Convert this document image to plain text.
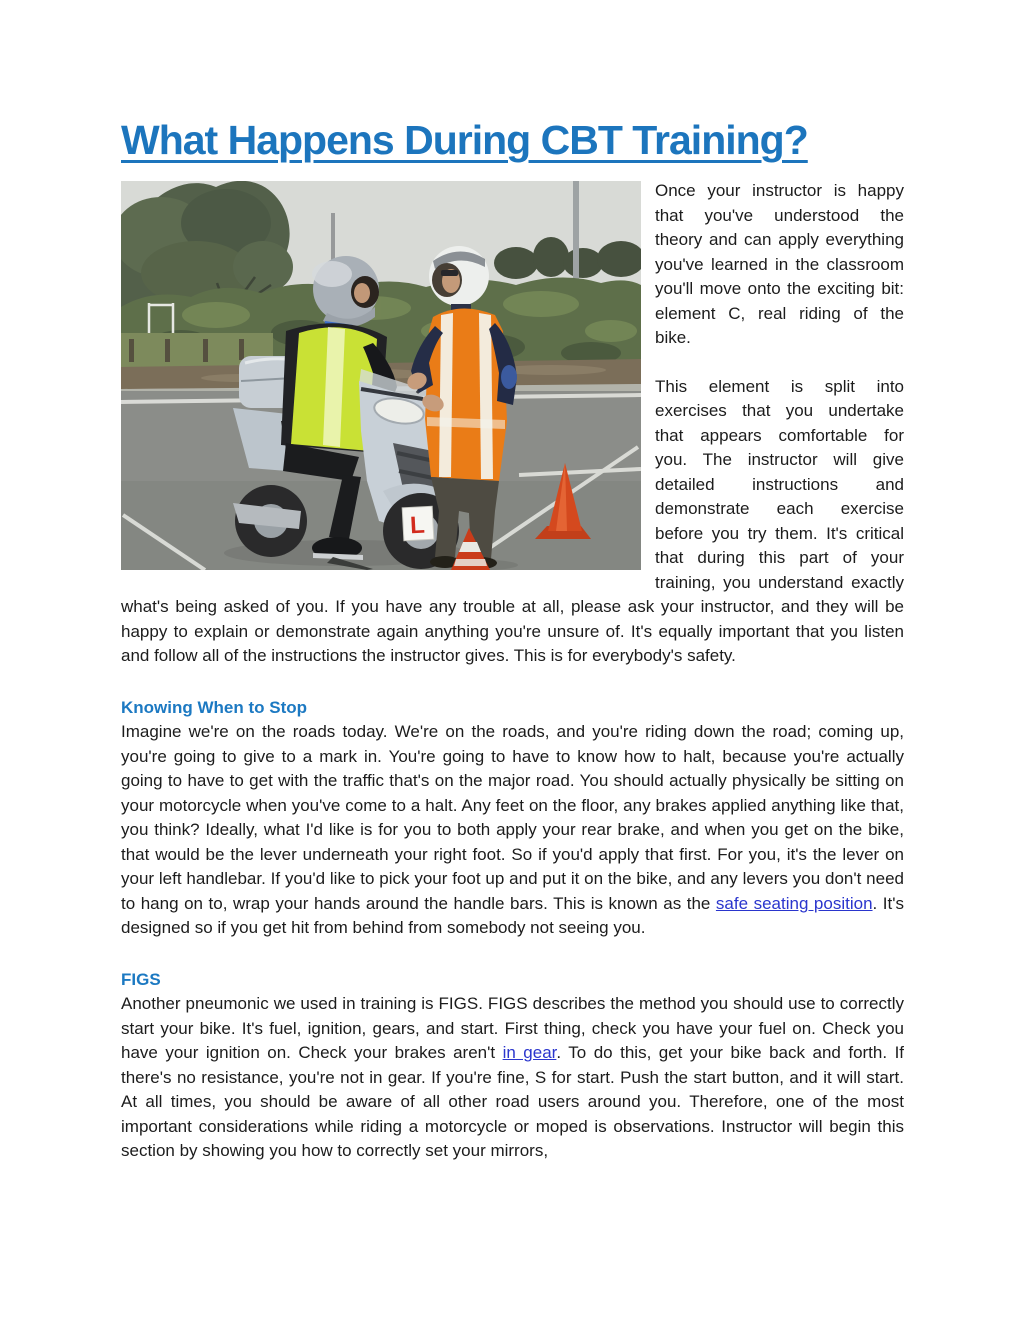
What Happens During CBT Training?
L

Once your instructor is happy that you've understood the theory and can apply everything you've learned in the classroom you'll move onto the exciting bit: element C, real riding of the bike.

This element is split into exercises that you undertake that appears comfortable for you. The instructor will give detailed instructions and demonstrate each exercise before you try them. It's critical that during this part of your training, you understand exactly what's being asked of you. If you have any trouble at all, please ask your instructor, and they will be happy to explain or demonstrate again anything you're unsure of. It's equally important that you listen and follow all of the instructions the instructor gives. This is for everybody's safety.

Knowing When to Stop

Imagine we're on the roads today. We're on the roads, and you're riding down the road; coming up, you're going to give to a mark in. You're going to have to know how to halt, because you're actually going to have to get with the traffic that's on the major road. You should actually physically be sitting on your motorcycle when you've come to a halt. Any feet on the floor, any brakes applied anything like that, you think? Ideally, what I'd like is for you to both apply your rear brake, and when you get on the bike, that would be the lever underneath your right foot. So if you'd apply that first. For you, it's the lever on your left handlebar. If you'd like to pick your foot up and put it on the bike, and any levers you don't need to hang on to, wrap your hands around the handle bars. This is known as the safe seating position. It's designed so if you get hit from behind from somebody not seeing you.

FIGS

Another pneumonic we used in training is FIGS. FIGS describes the method you should use to correctly start your bike. It's fuel, ignition, gears, and start. First thing, check you have your fuel on. Check you have your ignition on. Check your brakes aren't in gear. To do this, get your bike back and forth. If there's no resistance, you're not in gear. If you're fine, S for start. Push the start button, and it will start. At all times, you should be aware of all other road users around you. Therefore, one of the most important considerations while riding a motorcycle or moped is observations. Instructor will begin this section by showing you how to correctly set your mirrors,
